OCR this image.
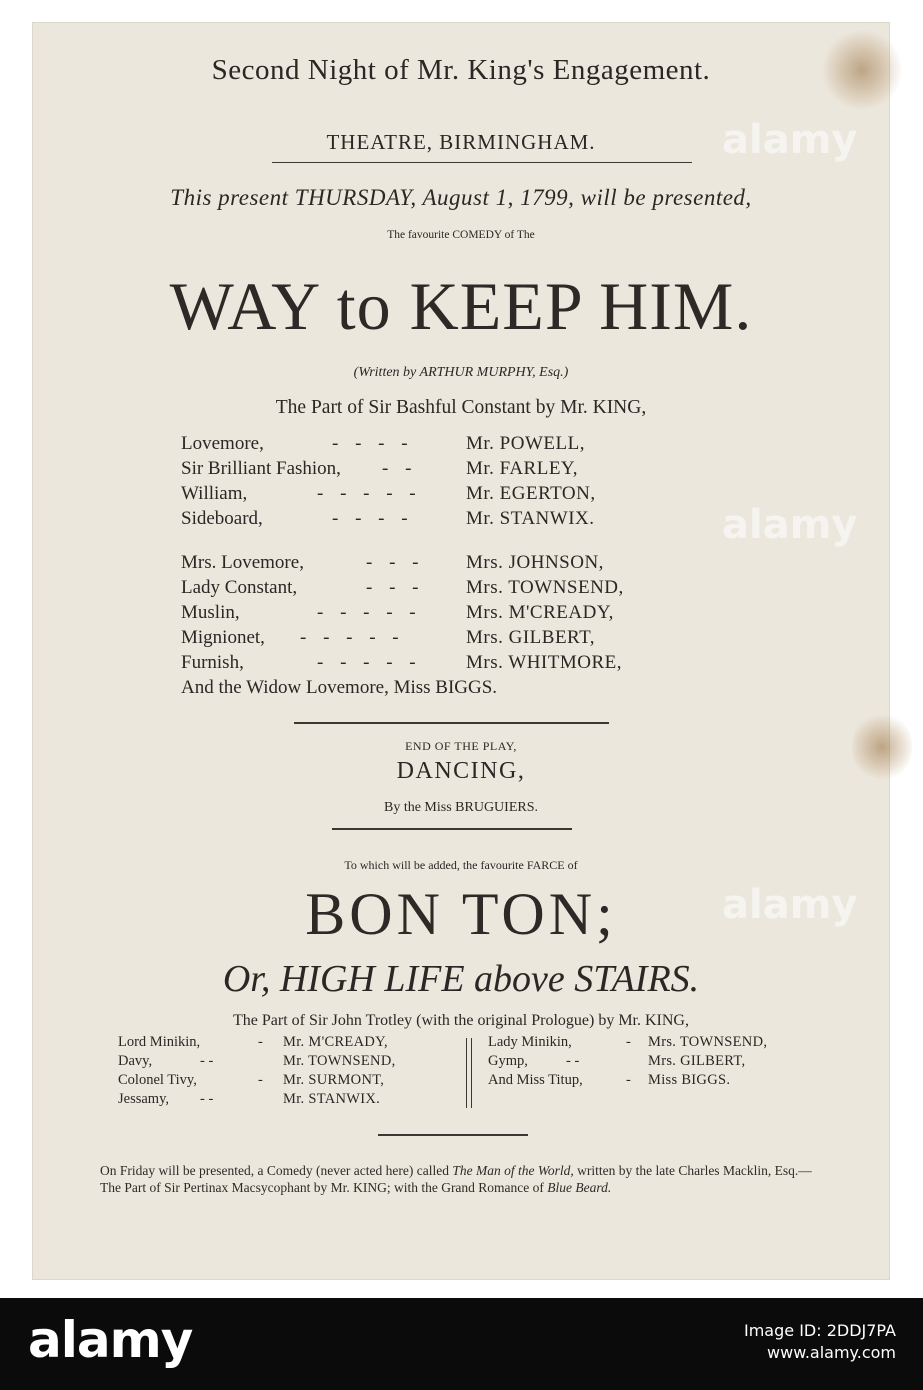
Second Night of Mr. King's Engagement.
THEATRE, BIRMINGHAM.
This present THURSDAY, August 1, 1799, will be presented,
The favourite COMEDY of The
WAY to KEEP HIM.
(Written by ARTHUR MURPHY, Esq.)
The Part of Sir Bashful Constant by Mr. KING,
Lovemore,	- - - -	Mr. POWELL,
Sir Brilliant Fashion, - -	Mr. FARLEY,
William,	- - - - - Mr. EGERTON,
Sideboard,	- - - -	Mr. STANWIX.
Mrs. Lovemore,	- - - Mrs. JOHNSON,
Lady Constant,	- - - Mrs. TOWNSEND,
Muslin,	- - - - - Mrs. M'CREADY,
Mignionet, - - - - -	Mrs. GILBERT,
Furnish,	- - - - - Mrs. WHITMORE,
And the Widow Lovemore, Miss BIGGS.
END OF THE PLAY,
DANCING,
By the Miss BRUGUIERS.
To which will be added, the favourite FARCE of
BON TON;
Or, HIGH LIFE above STAIRS.
The Part of Sir John Trotley (with the original Prologue) by Mr. KING,
Lord Minikin,	- Mr. M'CREADY,
Davy,	- -	Mr. TOWNSEND,
Colonel Tivy,	- Mr. SURMONT,
Jessamy, - -	Mr. STANWIX.
Lady Minikin,	- Mrs. TOWNSEND,
Gymp,	- -	Mrs. GILBERT,
And Miss Titup,	- Miss BIGGS.
On Friday will be presented, a Comedy (never acted here) called The Man of the World, written by the late Charles Macklin, Esq.—The Part of Sir Pertinax Macsycophant by Mr. KING; with the Grand Romance of Blue Beard.
alamy
alamy
alamy
alamy	Image ID: 2DDJ7PA
www.alamy.com
